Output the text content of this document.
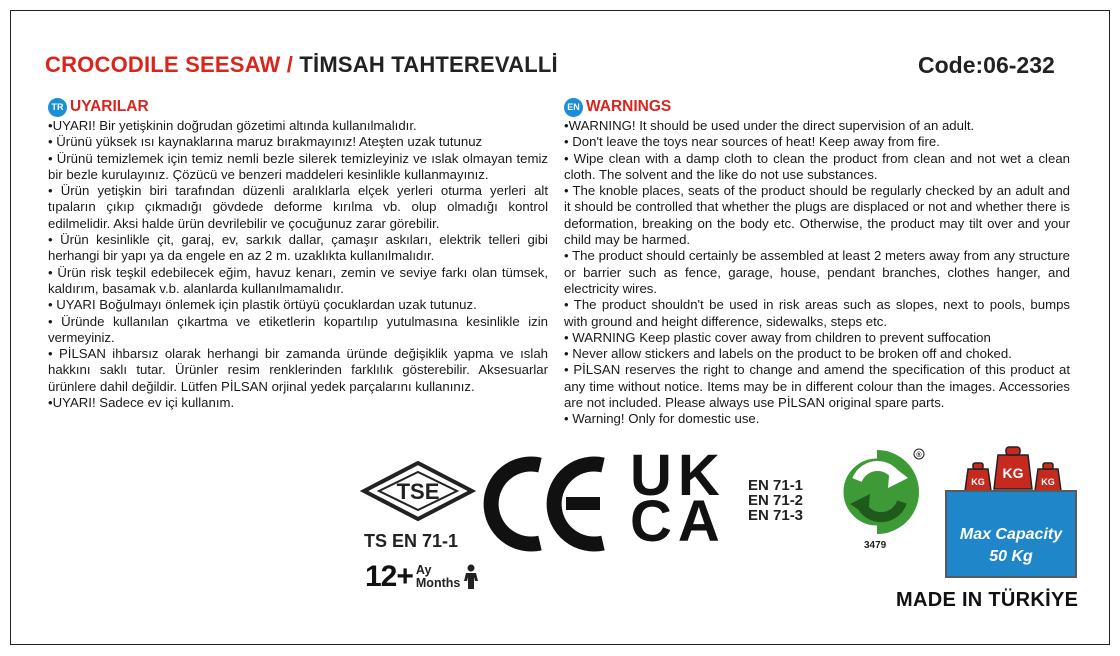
CROCODILE SEESAW / TİMSAH TAHTEREVALLİ	Code:06-232
TR UYARILAR

•UYARI! Bir yetişkinin doğrudan gözetimi altında kullanılmalıdır.

• Ürünü yüksek ısı kaynaklarına maruz bırakmayınız! Ateşten uzak tutunuz

• Ürünü temizlemek için temiz nemli bezle silerek temizleyiniz ve ıslak olmayan temiz bir bezle kurulayınız. Çözücü ve benzeri maddeleri kesinlikle kullanmayınız.

• Ürün yetişkin biri tarafından düzenli aralıklarla elçek yerleri oturma yerleri alt tıpaların çıkıp çıkmadığı gövdede deforme kırılma vb. olup olmadığı kontrol edilmelidir. Aksi halde ürün devrilebilir ve çocuğunuz zarar görebilir.

• Ürün kesinlikle çit, garaj, ev, sarkık dallar, çamaşır askıları, elektrik telleri gibi herhangi bir yapı ya da engele en az 2 m. uzaklıkta kullanılmalıdır.

• Ürün risk teşkil edebilecek eğim, havuz kenarı, zemin ve seviye farkı olan tümsek, kaldırım, basamak v.b. alanlarda kullanılmamalıdır.

• UYARI Boğulmayı önlemek için plastik örtüyü çocuklardan uzak tutunuz.

• Üründe kullanılan çıkartma ve etiketlerin kopartılıp yutulmasına kesinlikle izin vermeyiniz.

• PİLSAN ihbarsız olarak herhangi bir zamanda üründe değişiklik yapma ve ıslah hakkını saklı tutar. Ürünler resim renklerinden farklılık gösterebilir. Aksesuarlar ürünlere dahil değildir. Lütfen PİLSAN orjinal yedek parçalarını kullanınız.

•UYARI! Sadece ev içi kullanım.

EN WARNINGS

•WARNING! It should be used under the direct supervision of an adult.

• Don't leave the toys near sources of heat! Keep away from fire.

• Wipe clean with a damp cloth to clean the product from clean and not wet a clean cloth. The solvent and the like do not use substances.

• The knoble places, seats of the product should be regularly checked by an adult and it should be controlled that whether the plugs are displaced or not and whether there is deformation, breaking on the body etc. Otherwise, the product may tilt over and your child may be harmed.

• The product should certainly be assembled at least 2 meters away from any structure or barrier such as fence, garage, house, pendant branches, clothes hanger, and electricity wires.

• The product shouldn't be used in risk areas such as slopes, next to pools, bumps with ground and height difference, sidewalks, steps etc.

• WARNING Keep plastic cover away from children to prevent suffocation

• Never allow stickers and labels on the product to be broken off and choked.

• PİLSAN reserves the right to change and amend the specification of this product at any time without notice. Items may be in different colour than the images. Accessories are not included. Please always use PİLSAN original spare parts.

• Warning! Only for domestic use.

TSE
TS EN 71-1
12+ Ay
Months
UK
CA
EN 71-1
EN 71-2
EN 71-3
®
3479
KG
KG	KG
Max Capacity
50 Kg
MADE IN TÜRKİYE
